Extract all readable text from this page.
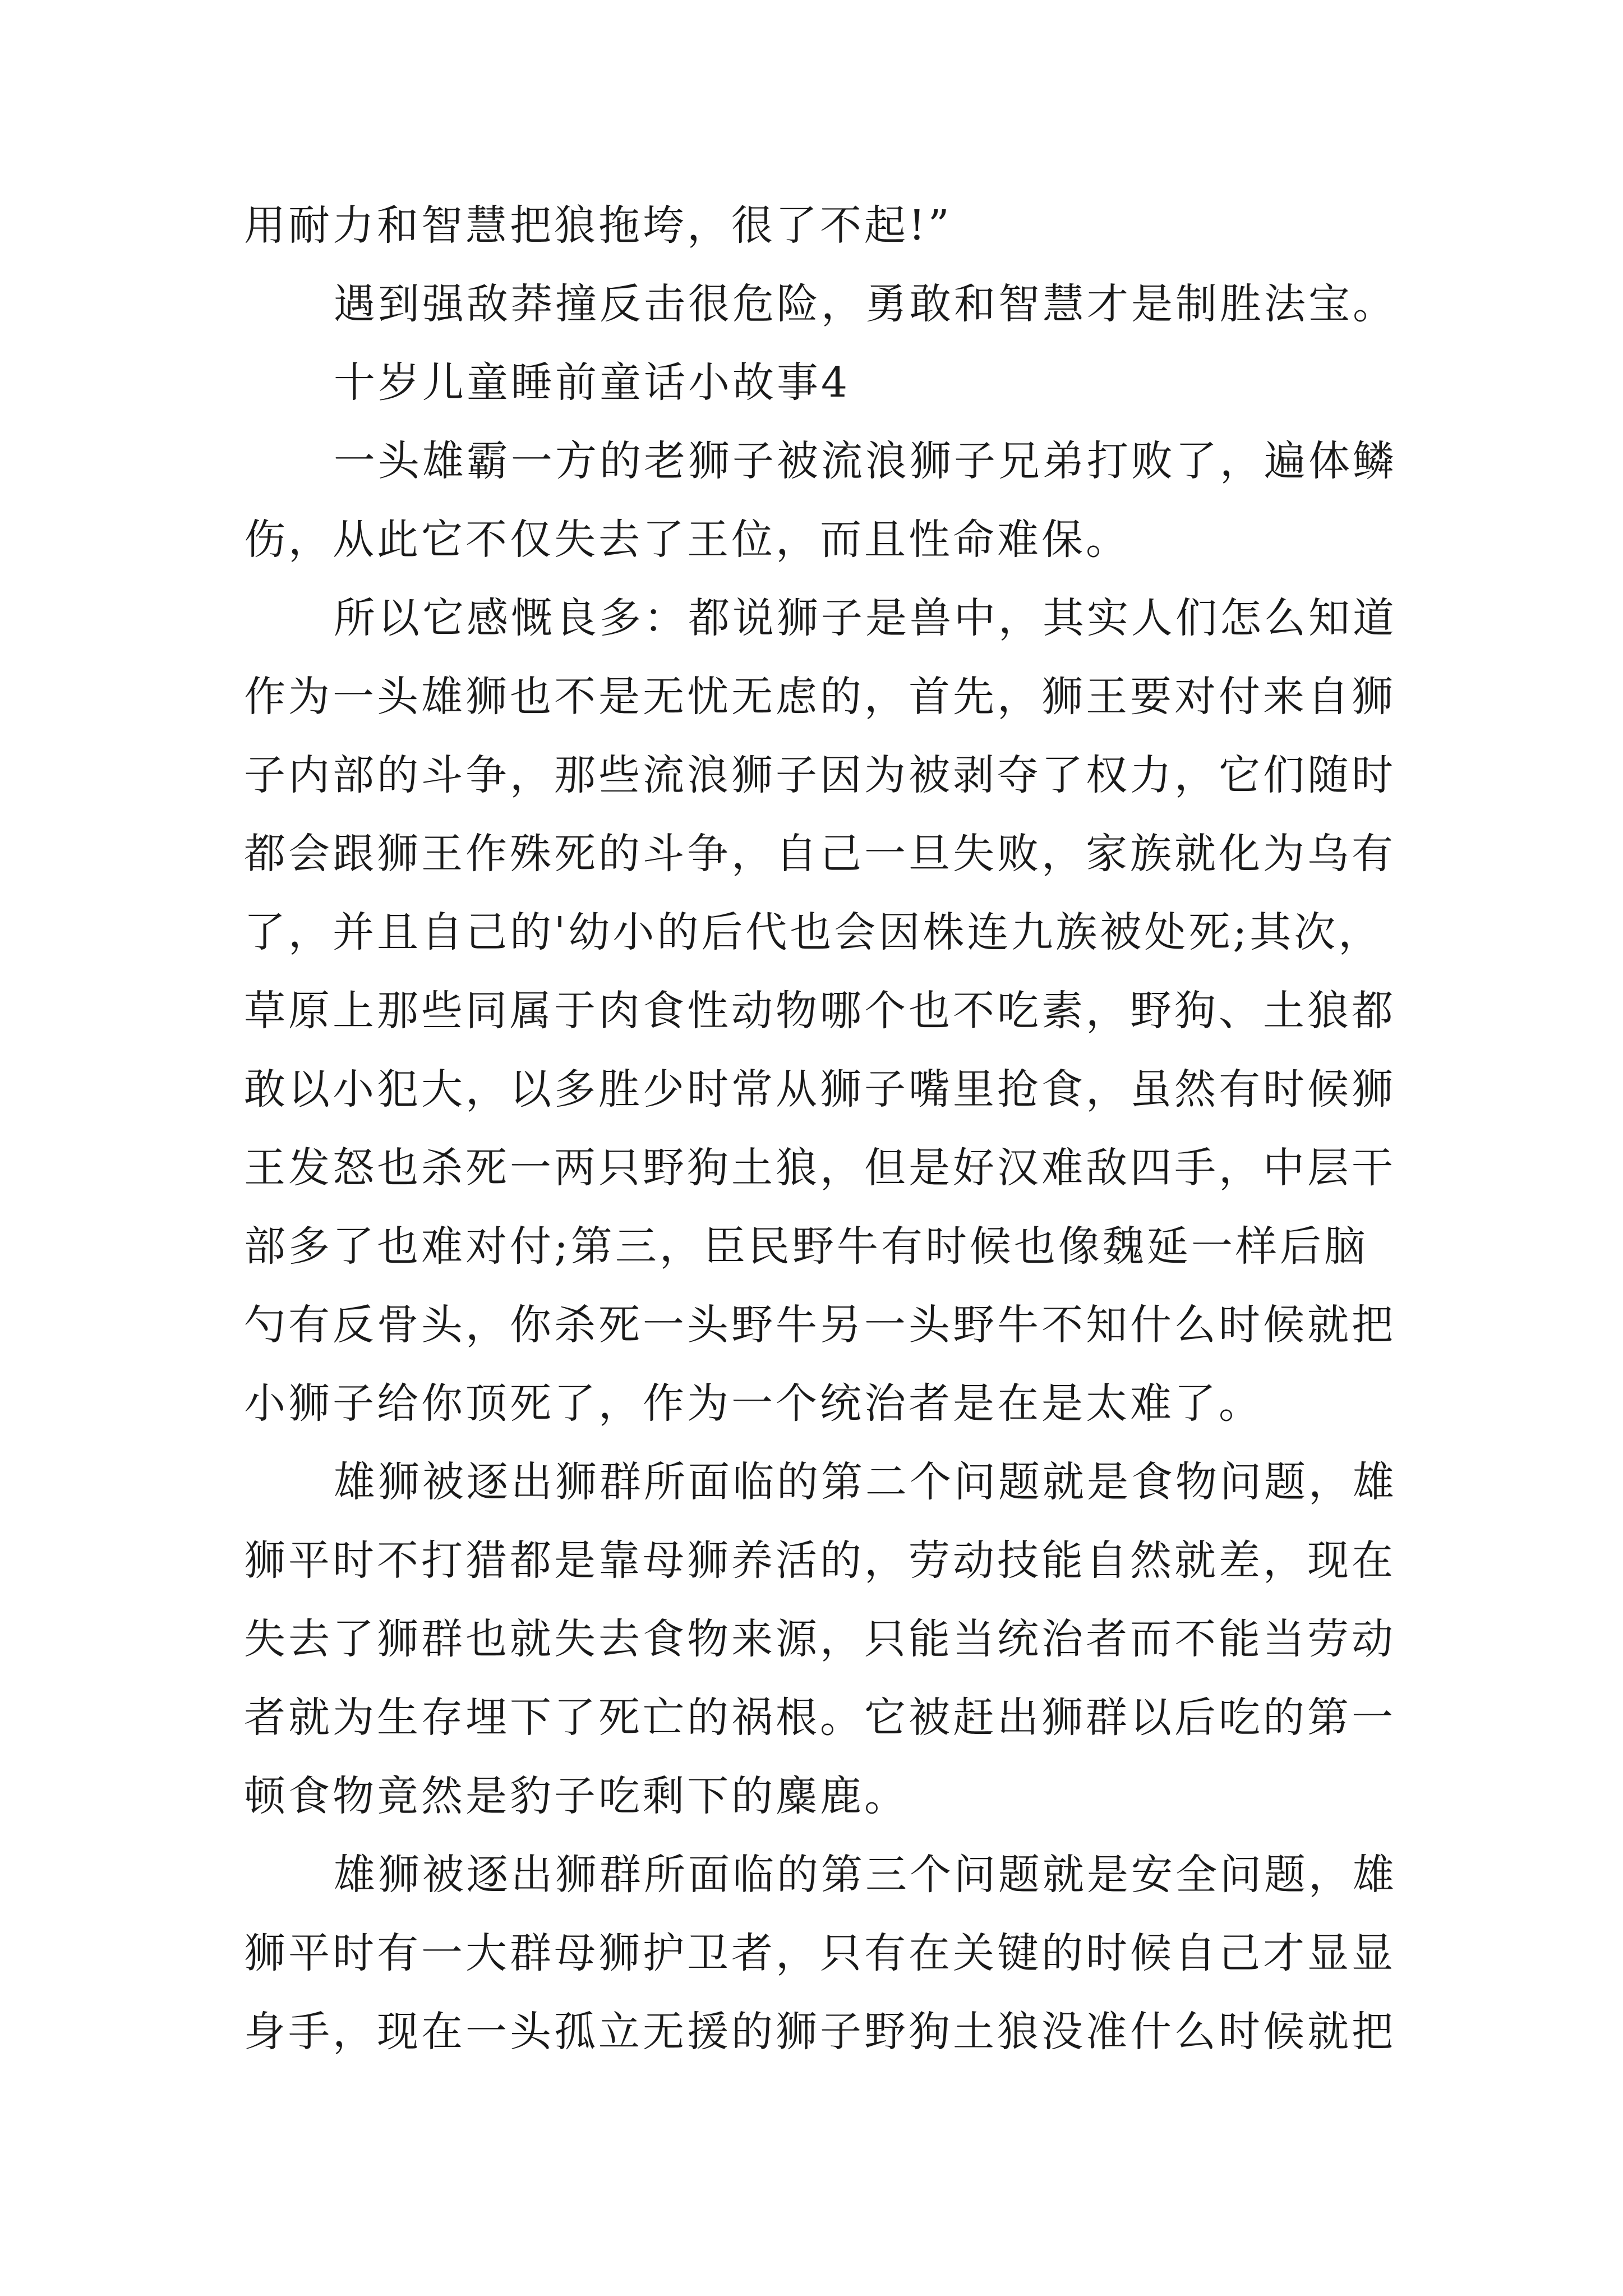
用耐力和智慧把狼拖垮，很了不起!”
遇到强敌莽撞反击很危险，勇敢和智慧才是制胜法宝。
十岁儿童睡前童话小故事4
一头雄霸一方的老狮子被流浪狮子兄弟打败了，遍体鳞
伤，从此它不仅失去了王位，而且性命难保。
所以它感慨良多：都说狮子是兽中，其实人们怎么知道
作为一头雄狮也不是无忧无虑的，首先，狮王要对付来自狮
子内部的斗争，那些流浪狮子因为被剥夺了权力，它们随时
都会跟狮王作殊死的斗争，自己一旦失败，家族就化为乌有
了，并且自己的'幼小的后代也会因株连九族被处死;其次，
草原上那些同属于肉食性动物哪个也不吃素，野狗、土狼都
敢以小犯大，以多胜少时常从狮子嘴里抢食，虽然有时候狮
王发怒也杀死一两只野狗土狼，但是好汉难敌四手，中层干
部多了也难对付;第三，臣民野牛有时候也像魏延一样后脑
勺有反骨头，你杀死一头野牛另一头野牛不知什么时候就把
小狮子给你顶死了，作为一个统治者是在是太难了。
雄狮被逐出狮群所面临的第二个问题就是食物问题，雄
狮平时不打猎都是靠母狮养活的，劳动技能自然就差，现在
失去了狮群也就失去食物来源，只能当统治者而不能当劳动
者就为生存埋下了死亡的祸根。它被赶出狮群以后吃的第一
顿食物竟然是豹子吃剩下的麋鹿。
雄狮被逐出狮群所面临的第三个问题就是安全问题，雄
狮平时有一大群母狮护卫者，只有在关键的时候自己才显显
身手，现在一头孤立无援的狮子野狗土狼没准什么时候就把
